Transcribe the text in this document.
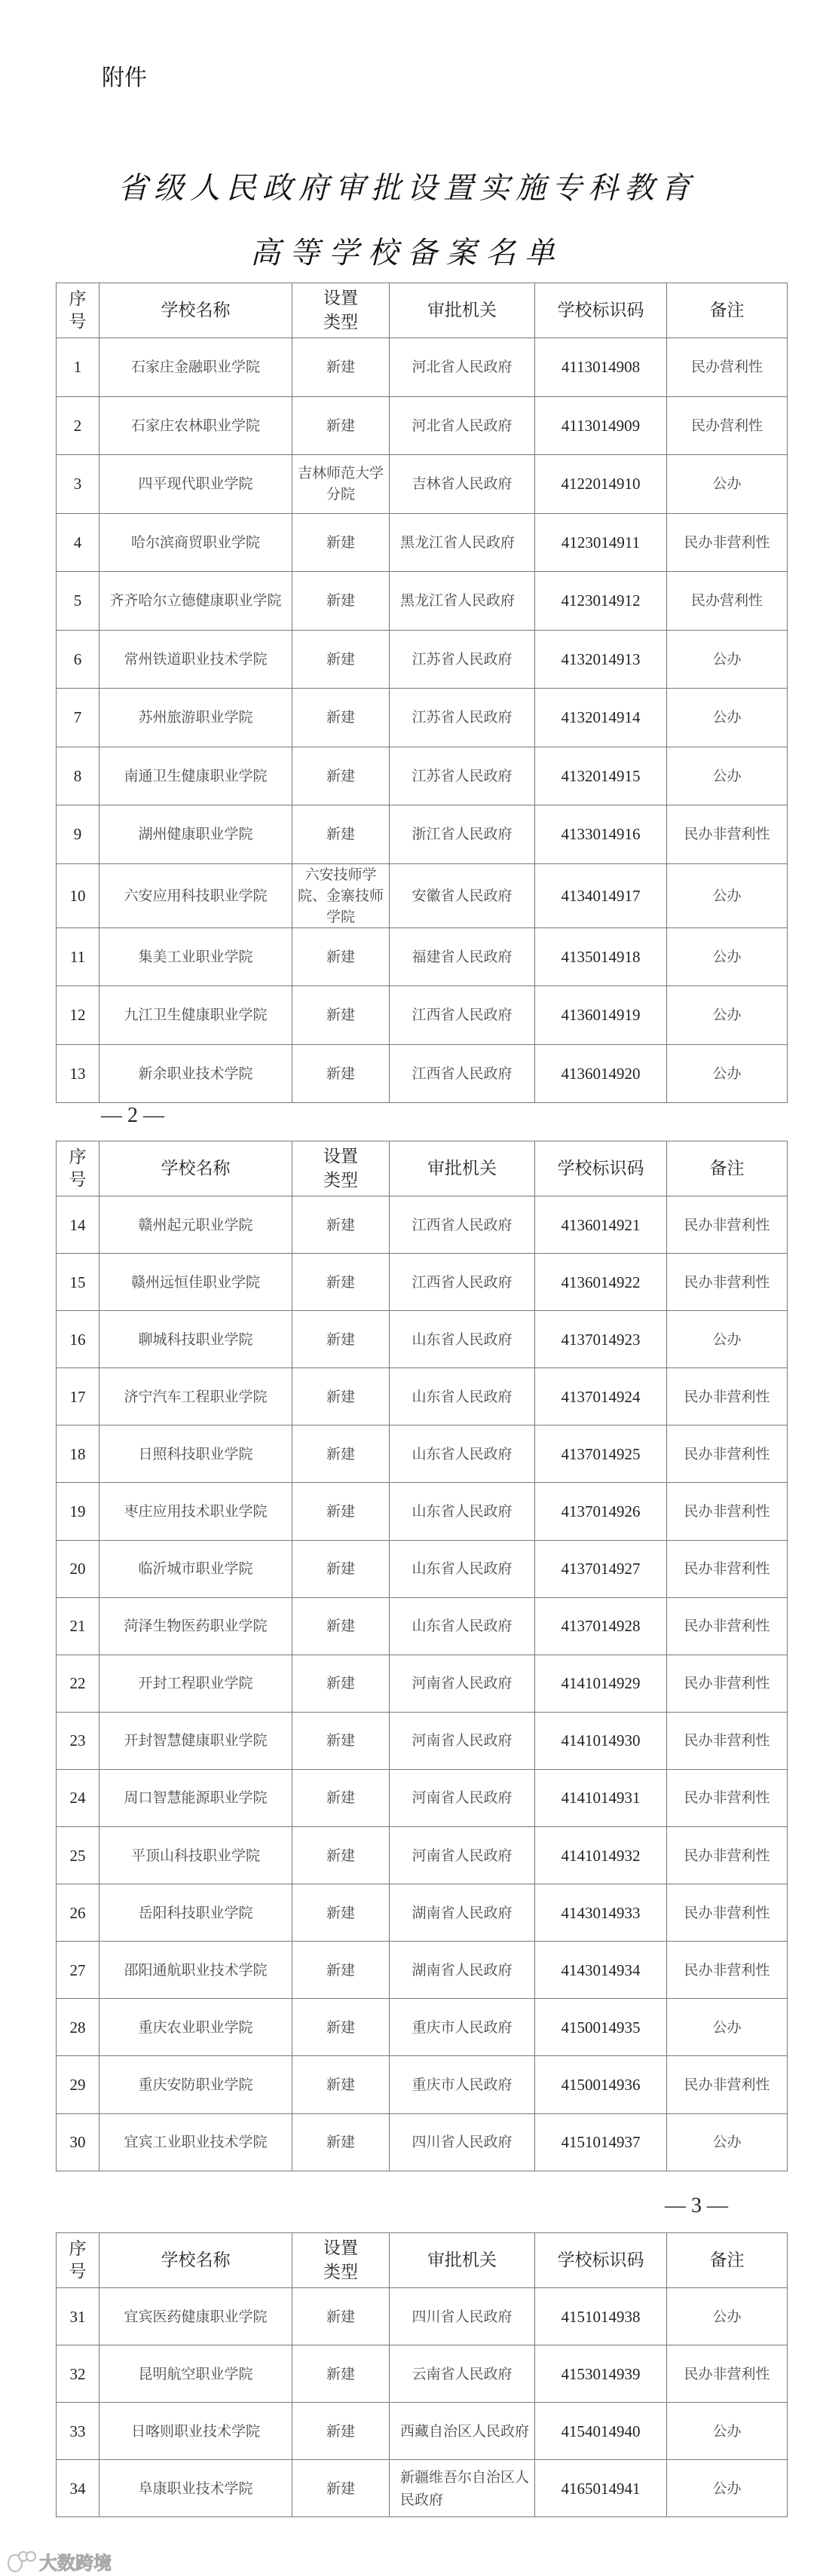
附件
省级人民政府审批设置实施专科教育
高等学校备案名单
序号	学校名称	设置类型	审批机关	学校标识码	备注
1	石家庄金融职业学院	新建	河北省人民政府	4113014908	民办营利性
2	石家庄农林职业学院	新建	河北省人民政府	4113014909	民办营利性
3	四平现代职业学院	吉林师范大学分院	吉林省人民政府	4122014910	公办
4	哈尔滨商贸职业学院	新建	黑龙江省人民政府	4123014911	民办非营利性
5	齐齐哈尔立德健康职业学院	新建	黑龙江省人民政府	4123014912	民办营利性
6	常州铁道职业技术学院	新建	江苏省人民政府	4132014913	公办
7	苏州旅游职业学院	新建	江苏省人民政府	4132014914	公办
8	南通卫生健康职业学院	新建	江苏省人民政府	4132014915	公办
9	湖州健康职业学院	新建	浙江省人民政府	4133014916	民办非营利性
10	六安应用科技职业学院	六安技师学院、金寨技师学院	安徽省人民政府	4134014917	公办
11	集美工业职业学院	新建	福建省人民政府	4135014918	公办
12	九江卫生健康职业学院	新建	江西省人民政府	4136014919	公办
13	新余职业技术学院	新建	江西省人民政府	4136014920	公办
— 2 —
序号	学校名称	设置类型	审批机关	学校标识码	备注
14	赣州起元职业学院	新建	江西省人民政府	4136014921	民办非营利性
15	赣州远恒佳职业学院	新建	江西省人民政府	4136014922	民办非营利性
16	聊城科技职业学院	新建	山东省人民政府	4137014923	公办
17	济宁汽车工程职业学院	新建	山东省人民政府	4137014924	民办非营利性
18	日照科技职业学院	新建	山东省人民政府	4137014925	民办非营利性
19	枣庄应用技术职业学院	新建	山东省人民政府	4137014926	民办非营利性
20	临沂城市职业学院	新建	山东省人民政府	4137014927	民办非营利性
21	菏泽生物医药职业学院	新建	山东省人民政府	4137014928	民办非营利性
22	开封工程职业学院	新建	河南省人民政府	4141014929	民办非营利性
23	开封智慧健康职业学院	新建	河南省人民政府	4141014930	民办非营利性
24	周口智慧能源职业学院	新建	河南省人民政府	4141014931	民办非营利性
25	平顶山科技职业学院	新建	河南省人民政府	4141014932	民办非营利性
26	岳阳科技职业学院	新建	湖南省人民政府	4143014933	民办非营利性
27	邵阳通航职业技术学院	新建	湖南省人民政府	4143014934	民办非营利性
28	重庆农业职业学院	新建	重庆市人民政府	4150014935	公办
29	重庆安防职业学院	新建	重庆市人民政府	4150014936	民办非营利性
30	宜宾工业职业技术学院	新建	四川省人民政府	4151014937	公办
— 3 —
序号	学校名称	设置类型	审批机关	学校标识码	备注
31	宜宾医药健康职业学院	新建	四川省人民政府	4151014938	公办
32	昆明航空职业学院	新建	云南省人民政府	4153014939	民办非营利性
33	日喀则职业技术学院	新建	西藏自治区人民政府	4154014940	公办
34	阜康职业技术学院	新建	新疆维吾尔自治区人民政府	4165014941	公办
大数跨境
